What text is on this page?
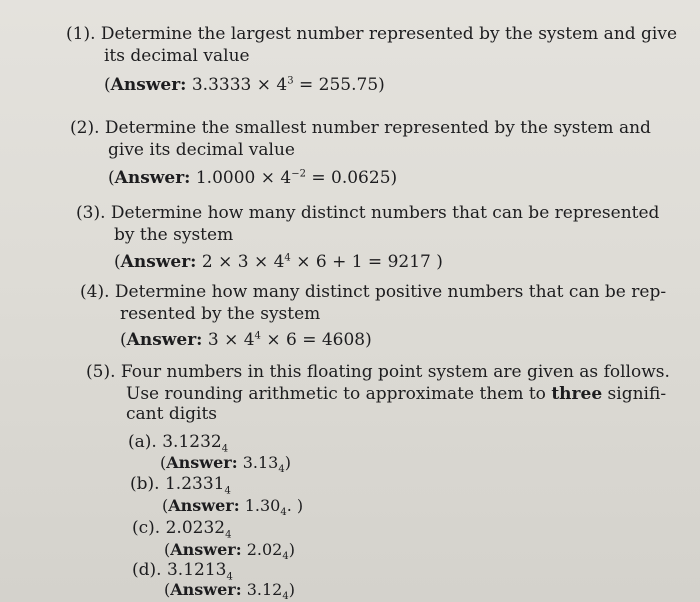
(1). Determine the largest number represented by the system and give
its decimal value
(Answer: $3.3333 \times 4^3 = 255.75$)
(2). Determine the smallest number represented by the system and
give its decimal value
(Answer: $1.0000 \times 4^{-2} = 0.0625$)
(3). Determine how many distinct numbers that can be represented
by the system
(Answer: $2 \times 3 \times 4^4 \times 6 + 1 = 9217$ )
(4). Determine how many distinct positive numbers that can be rep-
resented by the system
(Answer: $3 \times 4^4 \times 6 = 4608$)
(5). Four numbers in this floating point system are given as follows.
Use rounding arithmetic to approximate them to three signifi-
cant digits
(a). $3.1232_4$
(Answer: $3.13_4$)
(b). $1.2331_4$
(Answer: $1.30_4$. )
(c). $2.0232_4$
(Answer: $2.02_4$)
(d). $3.1213_4$
(Answer: $3.12_4$)
